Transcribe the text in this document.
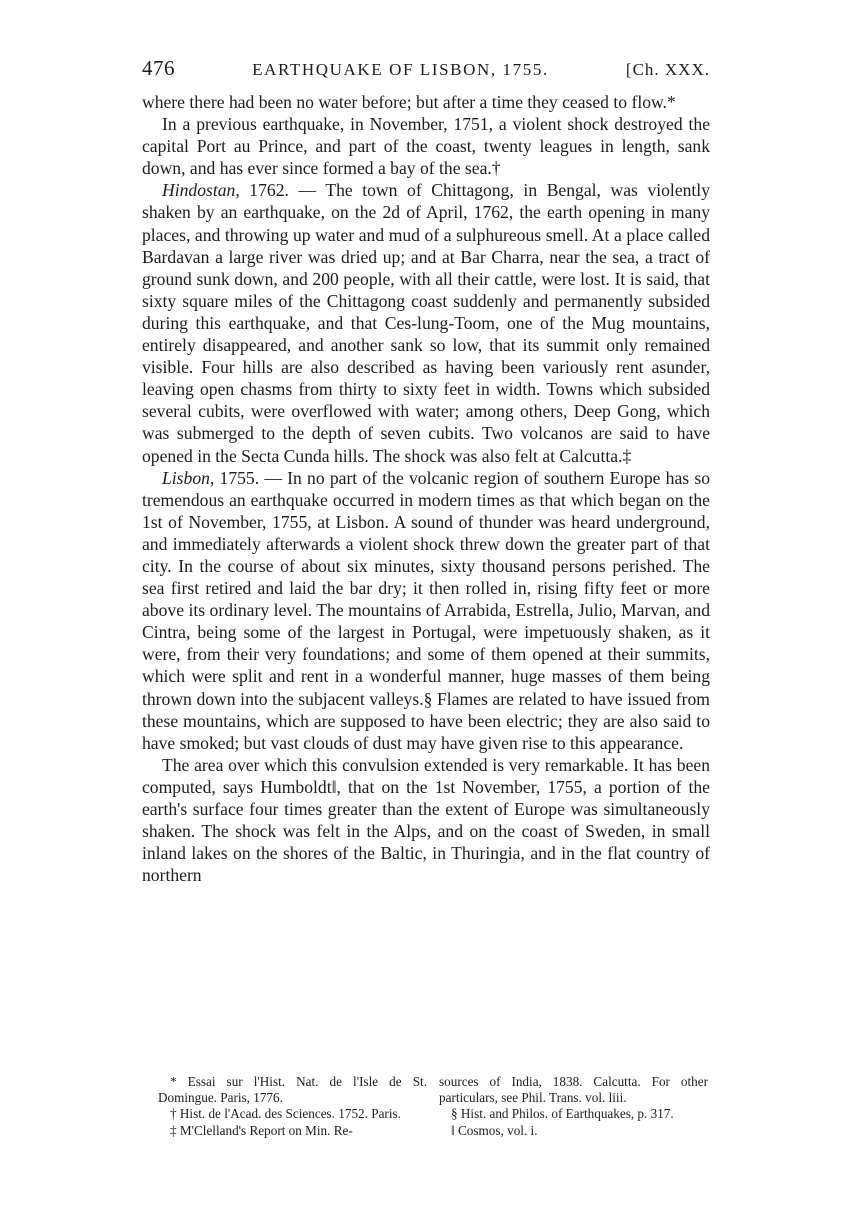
476	EARTHQUAKE OF LISBON, 1755.	[Ch. XXX.

where there had been no water before; but after a time they ceased to flow.*

In a previous earthquake, in November, 1751, a violent shock destroyed the capital Port au Prince, and part of the coast, twenty leagues in length, sank down, and has ever since formed a bay of the sea.†

Hindostan, 1762. — The town of Chittagong, in Bengal, was violently shaken by an earthquake, on the 2d of April, 1762, the earth opening in many places, and throwing up water and mud of a sulphureous smell. At a place called Bardavan a large river was dried up; and at Bar Charra, near the sea, a tract of ground sunk down, and 200 people, with all their cattle, were lost. It is said, that sixty square miles of the Chittagong coast suddenly and permanently subsided during this earthquake, and that Ces-lung-Toom, one of the Mug mountains, entirely disappeared, and another sank so low, that its summit only remained visible. Four hills are also described as having been variously rent asunder, leaving open chasms from thirty to sixty feet in width. Towns which subsided several cubits, were overflowed with water; among others, Deep Gong, which was submerged to the depth of seven cubits. Two volcanos are said to have opened in the Secta Cunda hills. The shock was also felt at Calcutta.‡

Lisbon, 1755. — In no part of the volcanic region of southern Europe has so tremendous an earthquake occurred in modern times as that which began on the 1st of November, 1755, at Lisbon. A sound of thunder was heard underground, and immediately afterwards a violent shock threw down the greater part of that city. In the course of about six minutes, sixty thousand persons perished. The sea first retired and laid the bar dry; it then rolled in, rising fifty feet or more above its ordinary level. The mountains of Arrabida, Estrella, Julio, Marvan, and Cintra, being some of the largest in Portugal, were impetuously shaken, as it were, from their very foundations; and some of them opened at their summits, which were split and rent in a wonderful manner, huge masses of them being thrown down into the subjacent valleys.§ Flames are related to have issued from these mountains, which are supposed to have been electric; they are also said to have smoked; but vast clouds of dust may have given rise to this appearance.

The area over which this convulsion extended is very remarkable. It has been computed, says Humboldt‖, that on the 1st November, 1755, a portion of the earth's surface four times greater than the extent of Europe was simultaneously shaken. The shock was felt in the Alps, and on the coast of Sweden, in small inland lakes on the shores of the Baltic, in Thuringia, and in the flat country of northern

* Essai sur l'Hist. Nat. de l'Isle de St. Domingue. Paris, 1776.

† Hist. de l'Acad. des Sciences. 1752. Paris.

‡ M'Clelland's Report on Min. Re-

sources of India, 1838. Calcutta. For other particulars, see Phil. Trans. vol. liii.

§ Hist. and Philos. of Earthquakes, p. 317.

‖ Cosmos, vol. i.
